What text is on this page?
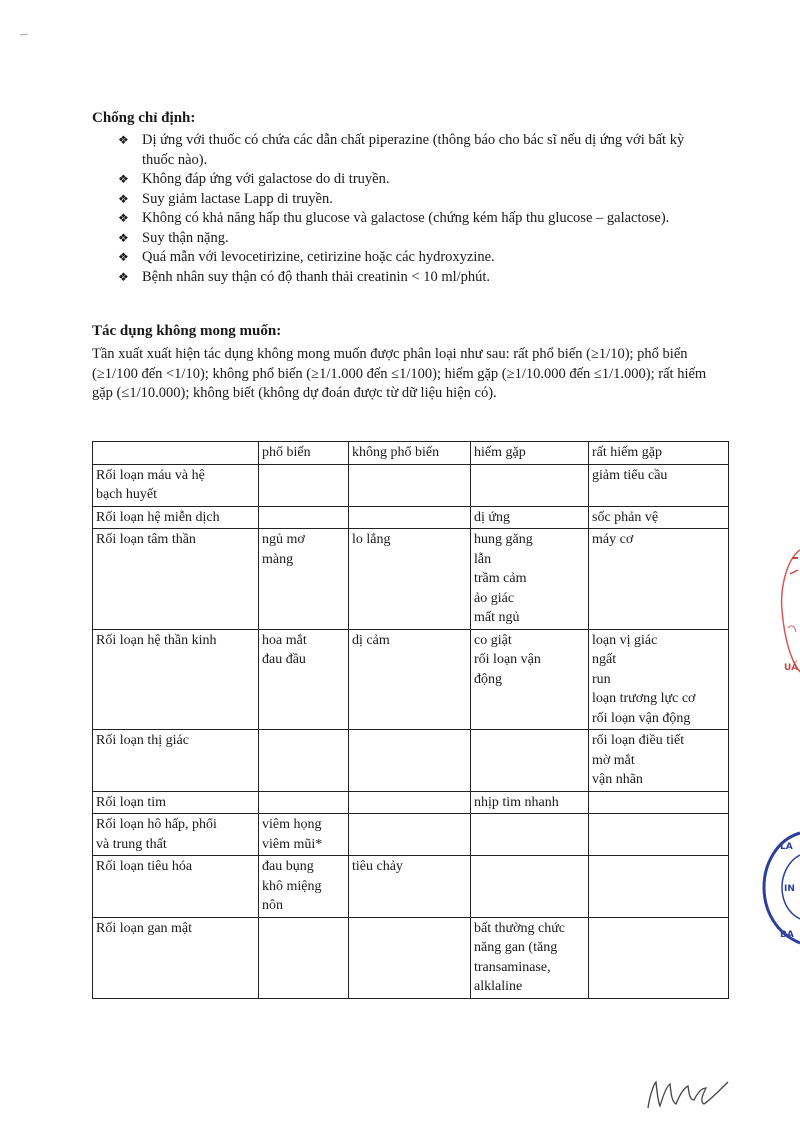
Chống chỉ định:
❖ Dị ứng với thuốc có chứa các dẫn chất piperazine (thông báo cho bác sĩ nếu dị ứng với bất kỳ thuốc nào).
❖ Không đáp ứng với galactose do di truyền.
❖ Suy giảm lactase Lapp di truyền.
❖ Không có khả năng hấp thu glucose và galactose (chứng kém hấp thu glucose – galactose).
❖ Suy thận nặng.
❖ Quá mẫn với levocetirizine, cetirizine hoặc các hydroxyzine.
❖ Bệnh nhân suy thận có độ thanh thải creatinin < 10 ml/phút.
Tác dụng không mong muốn:

Tần xuất xuất hiện tác dụng không mong muốn được phân loại như sau: rất phổ biến (≥1/10); phổ biến (≥1/100 đến <1/10); không phổ biến (≥1/1.000 đến ≤1/100); hiếm gặp (≥1/10.000 đến ≤1/1.000); rất hiếm gặp (≤1/10.000); không biết (không dự đoán được từ dữ liệu hiện có).

	phổ biến	không phổ biến	hiếm gặp	rất hiếm gặp

Rối loạn máu và hệ
bạch huyết				giảm tiểu cầu

Rối loạn hệ miễn dịch			dị ứng	sốc phản vệ

Rối loạn tâm thần	ngủ mơ
màng	lo lắng	hung găng
lẫn
trầm cảm
ảo giác
mất ngủ	máy cơ

Rối loạn hệ thần kinh	hoa mắt
đau đầu	dị cảm	co giật
rối loạn vận
động	loạn vị giác
ngất
run
loạn trương lực cơ
rối loạn vận động

Rối loạn thị giác				rối loạn điều tiết
mờ mắt
vận nhãn

Rối loạn tim			nhịp tim nhanh	

Rối loạn hô hấp, phổi
và trung thất	viêm họng
viêm mũi*			

Rối loạn tiêu hóa	đau bụng
khô miệng
nôn	tiêu chảy		

Rối loạn gan mật			bất thường chức
năng gan (tăng
transaminase,
alklaline	

UẤ
LA
IN
BA
